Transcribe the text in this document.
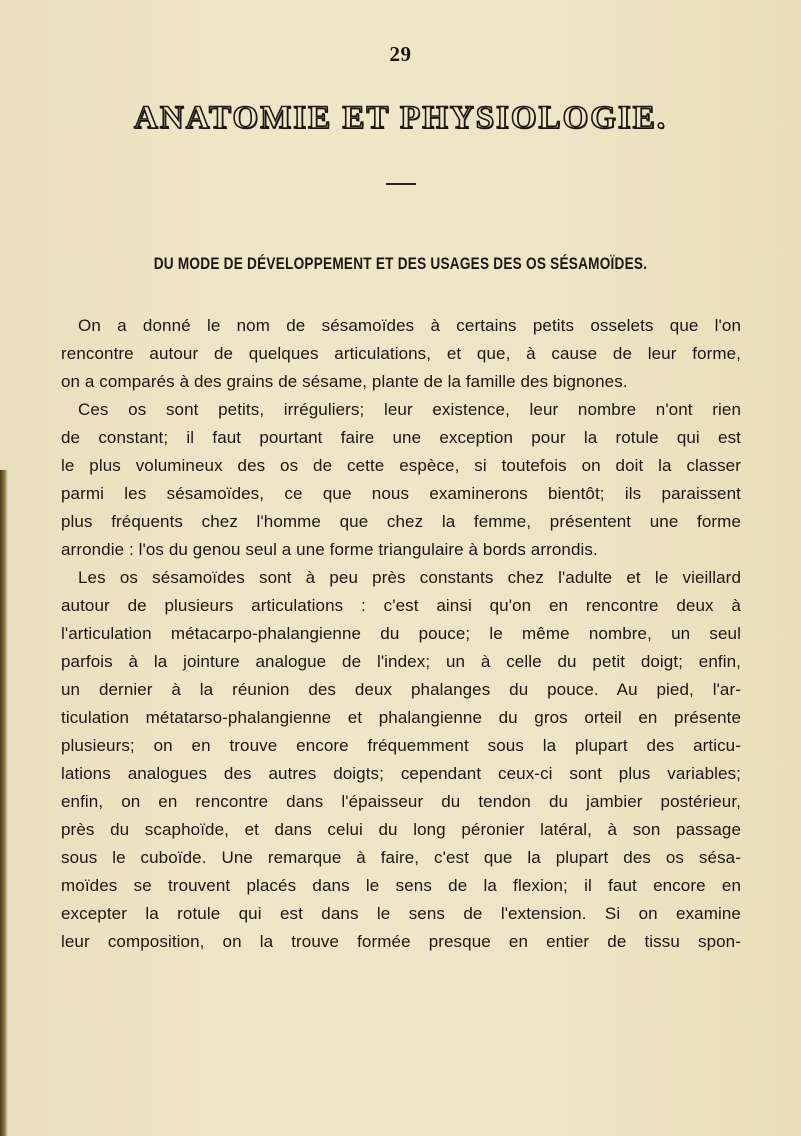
29
ANATOMIE ET PHYSIOLOGIE.
DU MODE DE DÉVELOPPEMENT ET DES USAGES DES OS SÉSAMOÏDES.
On a donné le nom de sésamoïdes à certains petits osselets que l'on
rencontre autour de quelques articulations, et que, à cause de leur forme,
on a comparés à des grains de sésame, plante de la famille des bignones.
Ces os sont petits, irréguliers; leur existence, leur nombre n'ont rien
de constant; il faut pourtant faire une exception pour la rotule qui est
le plus volumineux des os de cette espèce, si toutefois on doit la classer
parmi les sésamoïdes, ce que nous examinerons bientôt; ils paraissent
plus fréquents chez l'homme que chez la femme, présentent une forme
arrondie : l'os du genou seul a une forme triangulaire à bords arrondis.
Les os sésamoïdes sont à peu près constants chez l'adulte et le vieillard
autour de plusieurs articulations : c'est ainsi qu'on en rencontre deux à
l'articulation métacarpo-phalangienne du pouce; le même nombre, un seul
parfois à la jointure analogue de l'index; un à celle du petit doigt; enfin,
un dernier à la réunion des deux phalanges du pouce. Au pied, l'ar-
ticulation métatarso-phalangienne et phalangienne du gros orteil en présente
plusieurs; on en trouve encore fréquemment sous la plupart des articu-
lations analogues des autres doigts; cependant ceux-ci sont plus variables;
enfin, on en rencontre dans l'épaisseur du tendon du jambier postérieur,
près du scaphoïde, et dans celui du long péronier latéral, à son passage
sous le cuboïde. Une remarque à faire, c'est que la plupart des os sésa-
moïdes se trouvent placés dans le sens de la flexion; il faut encore en
excepter la rotule qui est dans le sens de l'extension. Si on examine
leur composition, on la trouve formée presque en entier de tissu spon-
